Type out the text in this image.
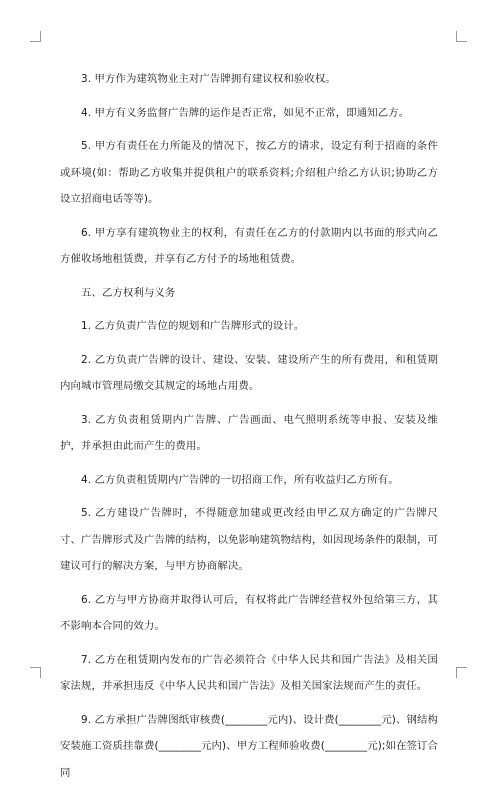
3. 甲方作为建筑物业主对广告牌拥有建议权和验收权。

4. 甲方有义务监督广告牌的运作是否正常，如见不正常，即通知乙方。

5. 甲方有责任在力所能及的情况下，按乙方的请求，设定有利于招商的条件或环境(如：帮助乙方收集并提供租户的联系资料;介绍租户给乙方认识;协助乙方设立招商电话等等)。

6. 甲方享有建筑物业主的权利，有责任在乙方的付款期内以书面的形式向乙方催收场地租赁费，并享有乙方付予的场地租赁费。

五、乙方权利与义务

1. 乙方负责广告位的规划和广告牌形式的设计。

2. 乙方负责广告牌的设计、建设、安装、建设所产生的所有费用，和租赁期内向城市管理局缴交其规定的场地占用费。

3. 乙方负责租赁期内广告牌、广告画面、电气照明系统等申报、安装及维护，并承担由此而产生的费用。

4. 乙方负责租赁期内广告牌的一切招商工作，所有收益归乙方所有。

5. 乙方建设广告牌时，不得随意加建或更改经由甲乙双方确定的广告牌尺寸、广告牌形式及广告牌的结构，以免影响建筑物结构，如因现场条件的限制，可建议可行的解决方案，与甲方协商解决。

6. 乙方与甲方协商并取得认可后，有权将此广告牌经营权外包给第三方，其不影响本合同的效力。

7. 乙方在租赁期内发布的广告必须符合《中华人民共和国广告法》及相关国家法规，并承担违反《中华人民共和国广告法》及相关国家法规而产生的责任。

9. 乙方承担广告牌图纸审核费(________元内)、设计费(________元)、钢结构安装施工资质挂靠费(________元内)、甲方工程师验收费(________元);如在签订合同
